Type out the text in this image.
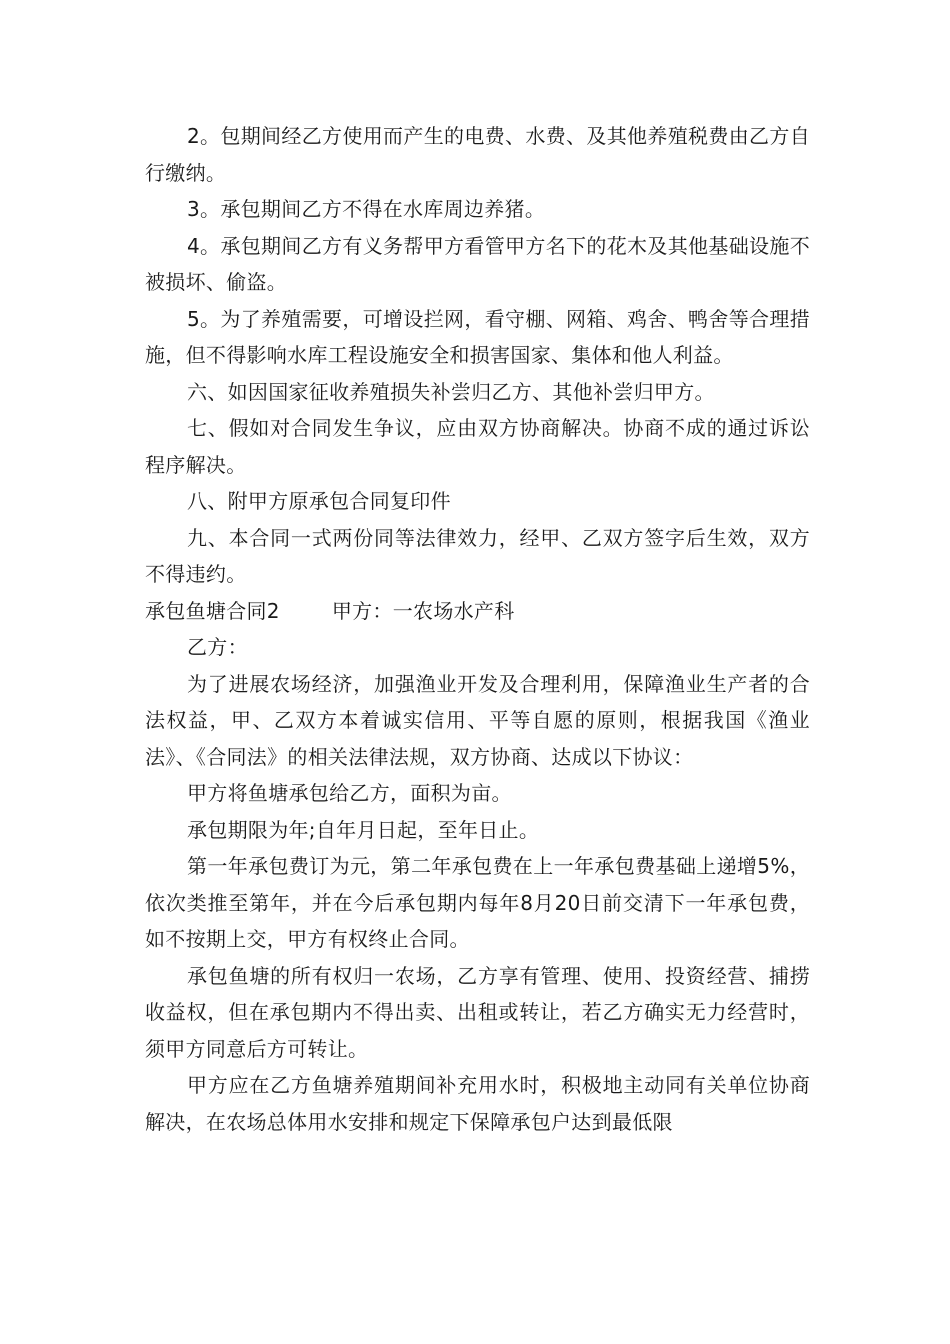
2。包期间经乙方使用而产生的电费、水费、及其他养殖税费由乙方自行缴纳。

3。承包期间乙方不得在水库周边养猪。

4。承包期间乙方有义务帮甲方看管甲方名下的花木及其他基础设施不被损坏、偷盗。

5。为了养殖需要，可增设拦网，看守棚、网箱、鸡舍、鸭舍等合理措施，但不得影响水库工程设施安全和损害国家、集体和他人利益。

六、如因国家征收养殖损失补尝归乙方、其他补尝归甲方。

七、假如对合同发生争议，应由双方协商解决。协商不成的通过诉讼程序解决。

八、附甲方原承包合同复印件

九、本合同一式两份同等法律效力，经甲、乙双方签字后生效，双方不得违约。

承包鱼塘合同2	甲方：一农场水产科

乙方：

为了进展农场经济，加强渔业开发及合理利用，保障渔业生产者的合法权益，甲、乙双方本着诚实信用、平等自愿的原则，根据我国《渔业法》、《合同法》的相关法律法规，双方协商、达成以下协议：

甲方将鱼塘承包给乙方，面积为亩。

承包期限为年;自年月日起，至年日止。

第一年承包费订为元，第二年承包费在上一年承包费基础上递增5%，依次类推至第年，并在今后承包期内每年8月20日前交清下一年承包费，如不按期上交，甲方有权终止合同。

承包鱼塘的所有权归一农场，乙方享有管理、使用、投资经营、捕捞收益权，但在承包期内不得出卖、出租或转让，若乙方确实无力经营时，须甲方同意后方可转让。

甲方应在乙方鱼塘养殖期间补充用水时，积极地主动同有关单位协商解决，在农场总体用水安排和规定下保障承包户达到最低限
